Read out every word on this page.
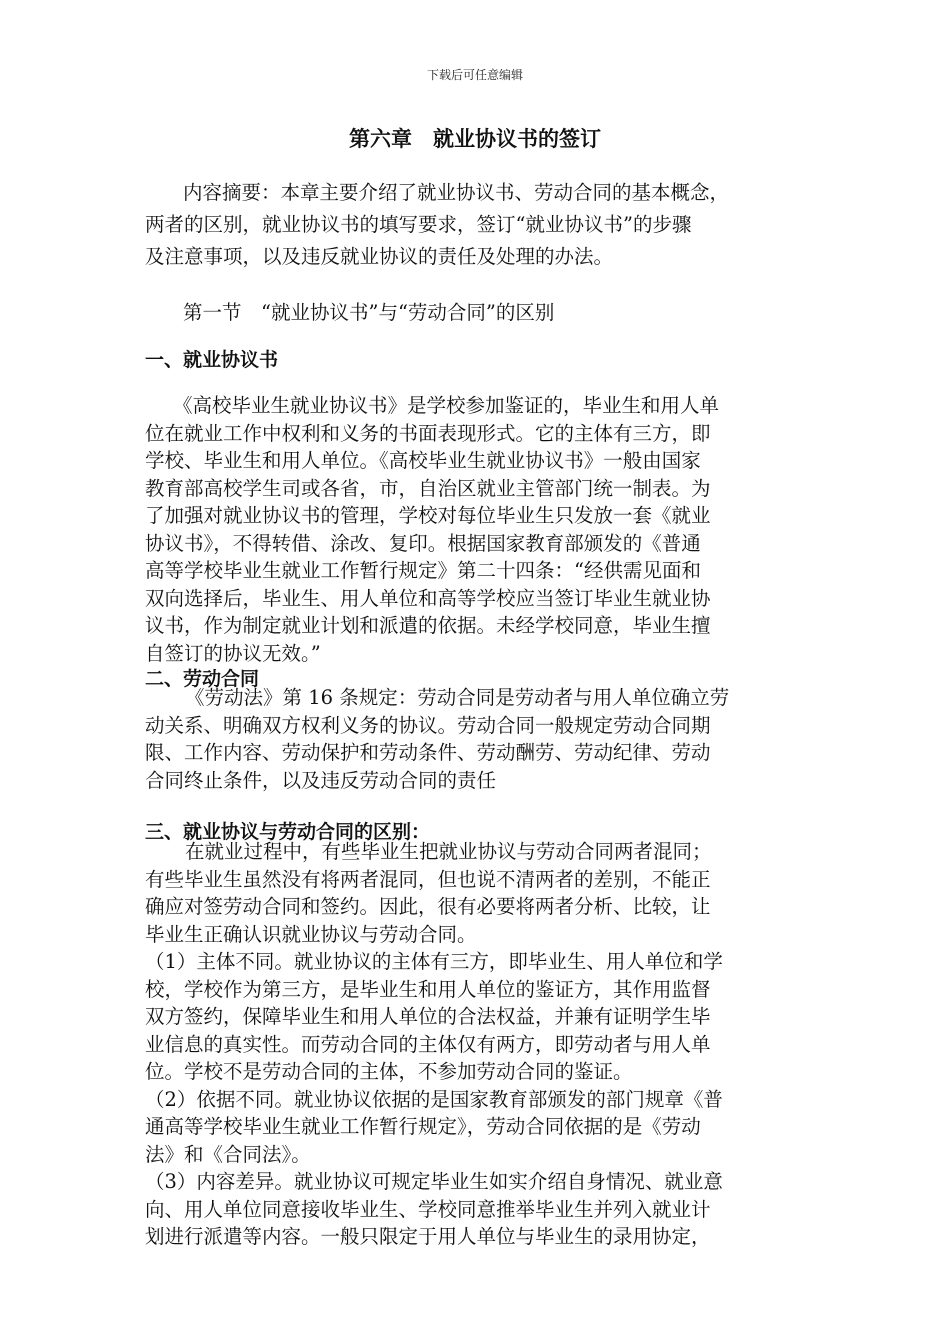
下载后可任意编辑
第六章　就业协议书的签订
内容摘要：本章主要介绍了就业协议书、劳动合同的基本概念，
两者的区别，就业协议书的填写要求，签订“就业协议书”的步骤
及注意事项，以及违反就业协议的责任及处理的办法。
第一节　“就业协议书”与“劳动合同”的区别
一、就业协议书
《高校毕业生就业协议书》是学校参加鉴证的，毕业生和用人单
位在就业工作中权利和义务的书面表现形式。它的主体有三方，即
学校、毕业生和用人单位。《高校毕业生就业协议书》一般由国家
教育部高校学生司或各省，市，自治区就业主管部门统一制表。为
了加强对就业协议书的管理，学校对每位毕业生只发放一套《就业
协议书》，不得转借、涂改、复印。根据国家教育部颁发的《普通
高等学校毕业生就业工作暂行规定》第二十四条：“经供需见面和
双向选择后，毕业生、用人单位和高等学校应当签订毕业生就业协
议书，作为制定就业计划和派遣的依据。未经学校同意，毕业生擅
自签订的协议无效。”
二、劳动合同
《劳动法》第 16 条规定：劳动合同是劳动者与用人单位确立劳
动关系、明确双方权利义务的协议。劳动合同一般规定劳动合同期
限、工作内容、劳动保护和劳动条件、劳动酬劳、劳动纪律、劳动
合同终止条件，以及违反劳动合同的责任
三、就业协议与劳动合同的区别：
在就业过程中，有些毕业生把就业协议与劳动合同两者混同；
有些毕业生虽然没有将两者混同，但也说不清两者的差别，不能正
确应对签劳动合同和签约。因此，很有必要将两者分析、比较，让
毕业生正确认识就业协议与劳动合同。
（1）主体不同。就业协议的主体有三方，即毕业生、用人单位和学
校，学校作为第三方，是毕业生和用人单位的鉴证方，其作用监督
双方签约，保障毕业生和用人单位的合法权益，并兼有证明学生毕
业信息的真实性。而劳动合同的主体仅有两方，即劳动者与用人单
位。学校不是劳动合同的主体，不参加劳动合同的鉴证。
（2）依据不同。就业协议依据的是国家教育部颁发的部门规章《普
通高等学校毕业生就业工作暂行规定》，劳动合同依据的是《劳动
法》和《合同法》。
（3）内容差异。就业协议可规定毕业生如实介绍自身情况、就业意
向、用人单位同意接收毕业生、学校同意推举毕业生并列入就业计
划进行派遣等内容。一般只限定于用人单位与毕业生的录用协定，
